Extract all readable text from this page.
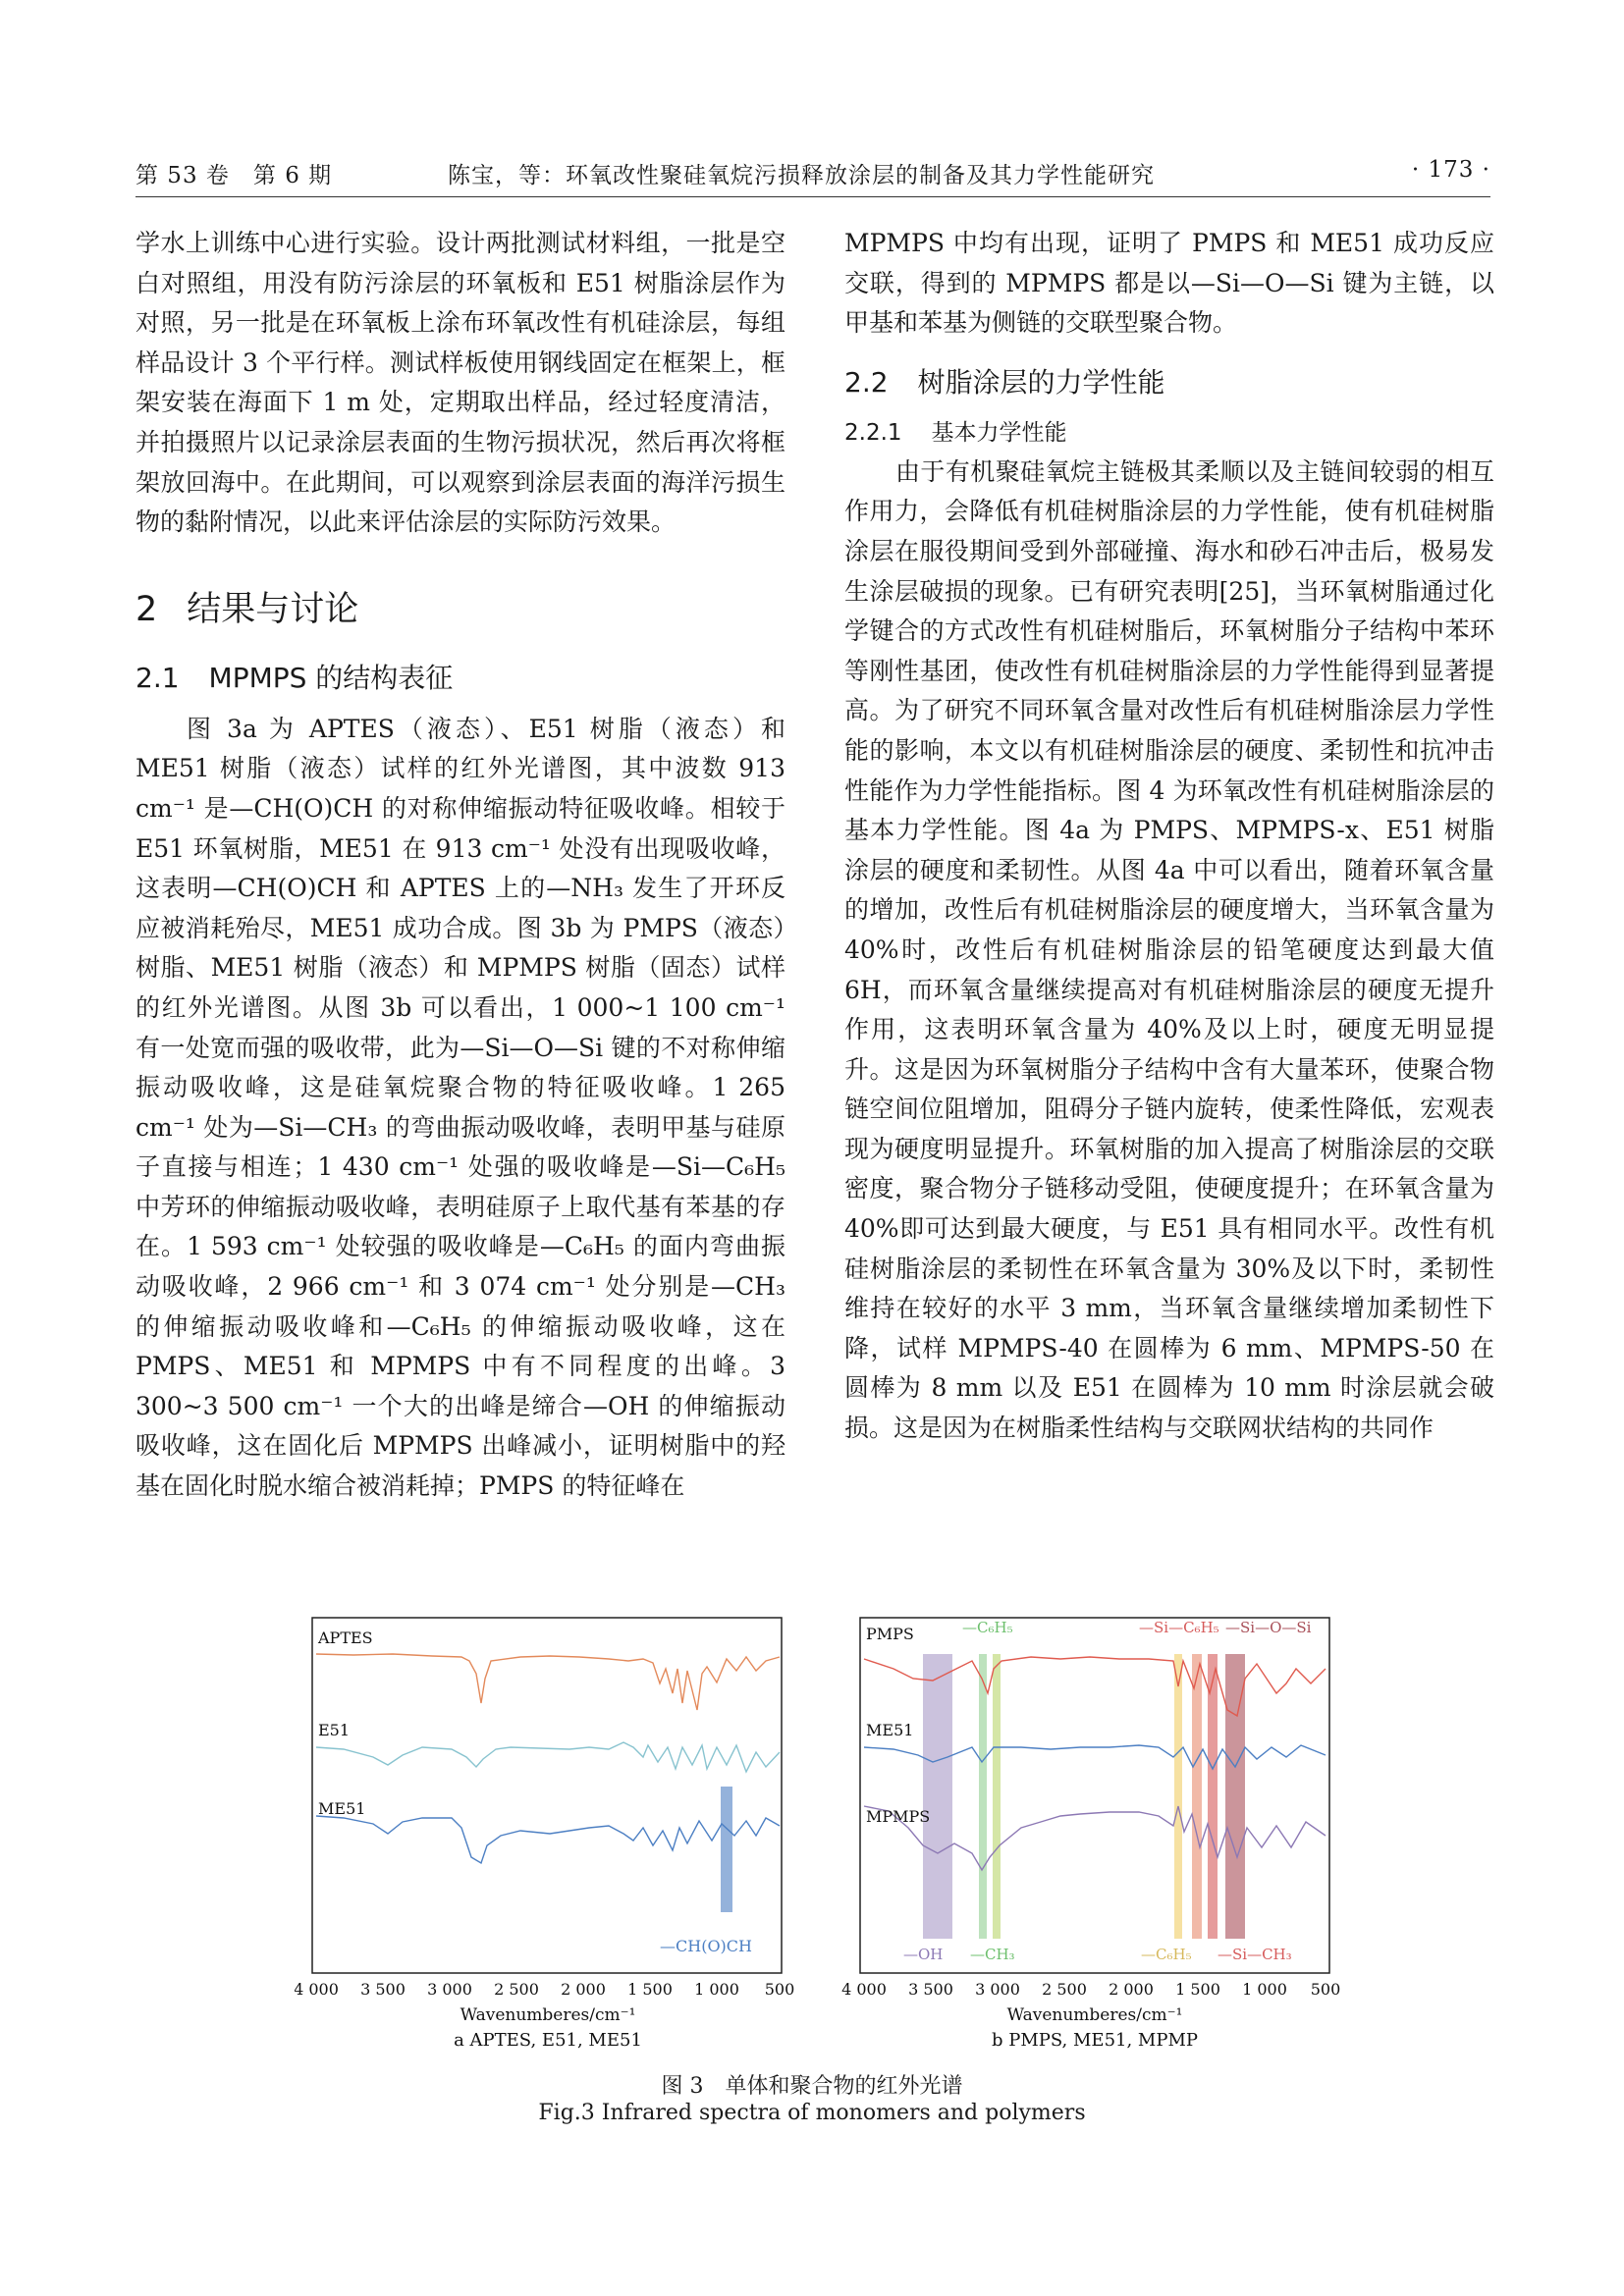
第 53 卷　第 6 期	陈宝，等：环氧改性聚硅氧烷污损释放涂层的制备及其力学性能研究	· 173 ·

学水上训练中心进行实验。设计两批测试材料组，一批是空白对照组，用没有防污涂层的环氧板和 E51 树脂涂层作为对照，另一批是在环氧板上涂布环氧改性有机硅涂层，每组样品设计 3 个平行样。测试样板使用钢线固定在框架上，框架安装在海面下 1 m 处，定期取出样品，经过轻度清洁，并拍摄照片以记录涂层表面的生物污损状况，然后再次将框架放回海中。在此期间，可以观察到涂层表面的海洋污损生物的黏附情况，以此来评估涂层的实际防污效果。

2 结果与讨论
2.1 MPMPS 的结构表征

图 3a 为 APTES（液态）、E51 树脂（液态）和 ME51 树脂（液态）试样的红外光谱图，其中波数 913 cm⁻¹ 是—CH(O)CH 的对称伸缩振动特征吸收峰。相较于 E51 环氧树脂，ME51 在 913 cm⁻¹ 处没有出现吸收峰，这表明—CH(O)CH 和 APTES 上的—NH₃ 发生了开环反应被消耗殆尽，ME51 成功合成。图 3b 为 PMPS（液态）树脂、ME51 树脂（液态）和 MPMPS 树脂（固态）试样的红外光谱图。从图 3b 可以看出，1 000~1 100 cm⁻¹ 有一处宽而强的吸收带，此为—Si—O—Si 键的不对称伸缩振动吸收峰，这是硅氧烷聚合物的特征吸收峰。1 265 cm⁻¹ 处为—Si—CH₃ 的弯曲振动吸收峰，表明甲基与硅原子直接与相连；1 430 cm⁻¹ 处强的吸收峰是—Si—C₆H₅ 中芳环的伸缩振动吸收峰，表明硅原子上取代基有苯基的存在。1 593 cm⁻¹ 处较强的吸收峰是—C₆H₅ 的面内弯曲振动吸收峰，2 966 cm⁻¹ 和 3 074 cm⁻¹ 处分别是—CH₃ 的伸缩振动吸收峰和—C₆H₅ 的伸缩振动吸收峰，这在 PMPS、ME51 和 MPMPS 中有不同程度的出峰。3 300~3 500 cm⁻¹ 一个大的出峰是缔合—OH 的伸缩振动吸收峰，这在固化后 MPMPS 出峰减小，证明树脂中的羟基在固化时脱水缩合被消耗掉；PMPS 的特征峰在

MPMPS 中均有出现，证明了 PMPS 和 ME51 成功反应交联，得到的 MPMPS 都是以—Si—O—Si 键为主链，以甲基和苯基为侧链的交联型聚合物。

2.2 树脂涂层的力学性能
2.2.1 基本力学性能

由于有机聚硅氧烷主链极其柔顺以及主链间较弱的相互作用力，会降低有机硅树脂涂层的力学性能，使有机硅树脂涂层在服役期间受到外部碰撞、海水和砂石冲击后，极易发生涂层破损的现象。已有研究表明[25]，当环氧树脂通过化学键合的方式改性有机硅树脂后，环氧树脂分子结构中苯环等刚性基团，使改性有机硅树脂涂层的力学性能得到显著提高。为了研究不同环氧含量对改性后有机硅树脂涂层力学性能的影响，本文以有机硅树脂涂层的硬度、柔韧性和抗冲击性能作为力学性能指标。图 4 为环氧改性有机硅树脂涂层的基本力学性能。图 4a 为 PMPS、MPMPS-x、E51 树脂涂层的硬度和柔韧性。从图 4a 中可以看出，随着环氧含量的增加，改性后有机硅树脂涂层的硬度增大，当环氧含量为 40%时，改性后有机硅树脂涂层的铅笔硬度达到最大值 6H，而环氧含量继续提高对有机硅树脂涂层的硬度无提升作用，这表明环氧含量为 40%及以上时，硬度无明显提升。这是因为环氧树脂分子结构中含有大量苯环，使聚合物链空间位阻增加，阻碍分子链内旋转，使柔性降低，宏观表现为硬度明显提升。环氧树脂的加入提高了树脂涂层的交联密度，聚合物分子链移动受阻，使硬度提升；在环氧含量为 40%即可达到最大硬度，与 E51 具有相同水平。改性有机硅树脂涂层的柔韧性在环氧含量为 30%及以下时，柔韧性维持在较好的水平 3 mm，当环氧含量继续增加柔韧性下降，试样 MPMPS-40 在圆棒为 6 mm、MPMPS-50 在圆棒为 8 mm 以及 E51 在圆棒为 10 mm 时涂层就会破损。这是因为在树脂柔性结构与交联网状结构的共同作

APTES
E51
ME51
—CH(O)CH
4 000 3 500 3 000 2 500 2 000 1 500 1 000 500
Wavenumberes/cm⁻¹
a APTES, E51, ME51
PMPS
ME51
MPMPS
—C₆H₅	—Si—C₆H₅ —Si—O—Si
—OH —CH₃	—C₆H₅ —Si—CH₃
4 000 3 500 3 000 2 500 2 000 1 500 1 000 500
Wavenumberes/cm⁻¹
b PMPS, ME51, MPMP
图 3　单体和聚合物的红外光谱
Fig.3 Infrared spectra of monomers and polymers
